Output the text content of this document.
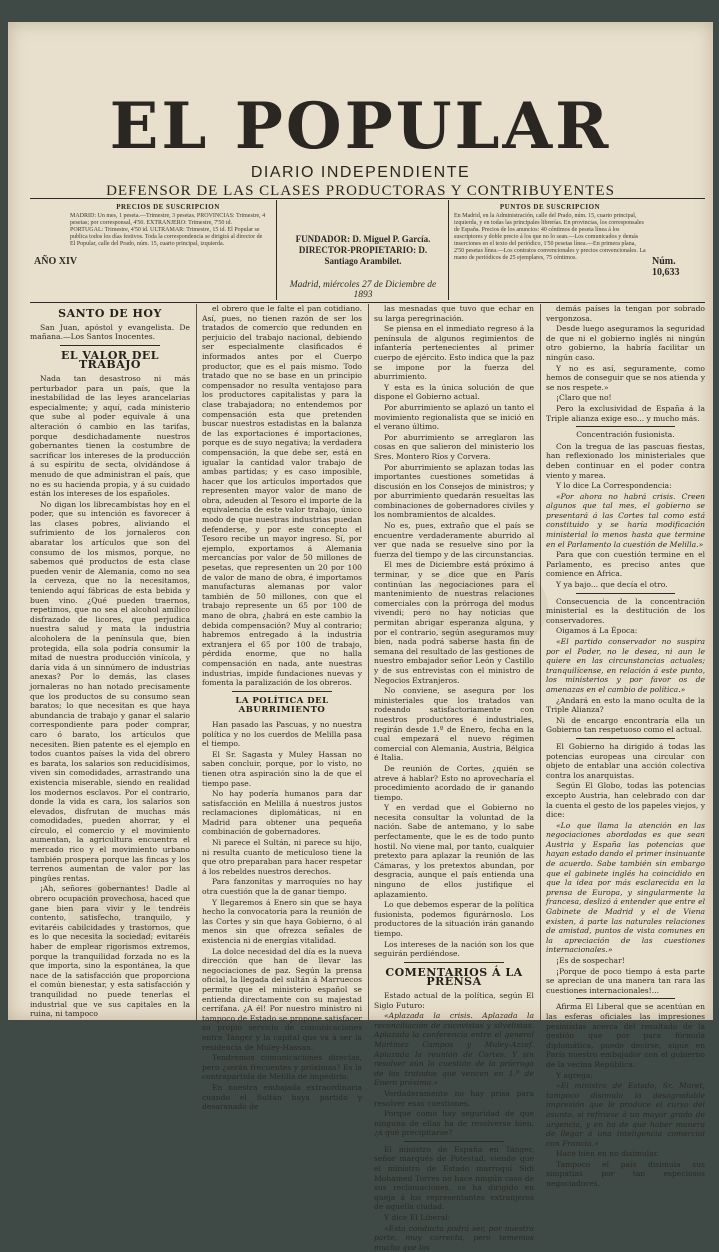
EL POPULAR
DIARIO INDEPENDIENTE
DEFENSOR DE LAS CLASES PRODUCTORAS Y CONTRIBUYENTES
PRECIOS DE SUSCRIPCION
MADRID: Un mes, 1 peseta.—Trimestre, 3 pesetas. PROVINCIAS: Trimestre, 4 pesetas; por corresponsal, 4'50. EXTRANJERO: Trimestre, 7'50 id. PORTUGAL: Trimestre, 4'50 id. ULTRAMAR: Trimestre, 15 id. El Popular se publica todos los días festivos. Toda la correspondencia se dirigirá al director de El Popular, calle del Prado, núm. 15, cuarto principal, izquierda.
AÑO XIV
FUNDADOR: D. Miguel P. García.
DIRECTOR-PROPIETARIO: D. Santiago Arambilet.
Madrid, miércoles 27 de Diciembre de 1893
PUNTOS DE SUSCRIPCION
En Madrid, en la Administración, calle del Prado, núm. 15, cuarto principal, izquierda, y en todas las principales librerías. En provincias, los corresponsales de España. Precios de los anuncios: 40 céntimos de peseta línea á los suscriptores y doble precio á los que no lo sean.—Los comunicados y demás inserciones en el texto del periódico, 1'50 pesetas línea.—En primera plana, 2'50 pesetas línea.—Los contratos convencionales y precios convencionales. La mano de periódicos de 25 ejemplares, 75 céntimos.	Núm. 10,633
SANTO DE HOY

San Juan, apóstol y evangelista. De mañana.—Los Santos Inocentes.

EL VALOR DEL TRABAJO

Nada tan desastroso ni más perturbador para un país, que la inestabilidad de las leyes arancelarias especialmente; y aquí, cada ministerio que sube al poder equivale á una alteración ó cambio en las tarifas, porque desdichadamente nuestros gobernantes tienen la costumbre de sacrificar los intereses de la producción á su espíritu de secta, olvidándose á menudo de que administran el país, que no es su hacienda propia, y á su cuidado están los intereses de los españoles.

No digan los librecambistas hoy en el poder, que su intención es favorecer á las clases pobres, aliviando el sufrimiento de los jornaleros con abaratar los artículos que son del consumo de los mismos, porque, no sabemos qué productos de esta clase pueden venir de Alemania, como no sea la cerveza, que no la necesitamos, teniendo aquí fábricas de esta bebida y buen vino. ¿Qué pueden traernos, repetimos, que no sea el alcohol amílico disfrazado de licores, que perjudica nuestra salud y mata la industria alcoholera de la península que, bien protegida, ella sola podría consumir la mitad de nuestra producción vinícola, y daría vida á un sinnúmero de industrias anexas? Por lo demás, las clases jornaleras no han notado precisamente que los productos de su consumo sean baratos; lo que necesitan es que haya abundancia de trabajo y ganar el salario correspondiente para poder comprar, caro ó barato, los artículos que necesiten. Bien patente es el ejemplo en todos cuantos países la vida del obrero es barata, los salarios son reducidísimos, viven sin comodidades, arrastrando una existencia miserable, siendo en realidad los modernos esclavos. Por el contrario, donde la vida es cara, los salarios son elevados, disfrutan de muchas más comodidades, pueden ahorrar, y el círculo, el comercio y el movimiento aumentan, la agricultura encuentra el mercado rico y el movimiento urbano también prospera porque las fincas y los terrenos aumentan de valor por las pingües rentas.

¡Ah, señores gobernantes! Dadle al obrero ocupación provechosa, haced que gane bien para vivir y le tendréis contento, satisfecho, tranquilo, y evitaréis cabilcidades y trastornos, que es lo que necesita la sociedad; evitaréis haber de emplear rigorismos extremos, porque la tranquilidad forzada no es la que importa, sino la espontánea, la que nace de la satisfacción que proporciona el común bienestar, y esta satisfacción y tranquilidad no puede tenerlas el industrial que ve sus capitales en la ruina, ni tampoco

el obrero que le falte el pan cotidiano. Así, pues, no tienen razón de ser los tratados de comercio que redunden en perjuicio del trabajo nacional, debiendo ser especialmente clasificados é informados antes por el Cuerpo productor, que es el país mismo. Todo tratado que no se base en un principio compensador no resulta ventajoso para los productores capitalistas y para la clase trabajadora; no entendemos por compensación esta que pretenden buscar nuestros estadistas en la balanza de las exportaciones é importaciones, porque es de suyo negativa; la verdadera compensación, la que debe ser, está en igualar la cantidad valor trabajo de ambas partidas; y es caso imposible, hacer que los artículos importados que representen mayor valor de mano de obra, adeuden al Tesoro el importe de la equivalencia de este valor trabajo, único modo de que nuestras industrias puedan defenderse, y por este concepto el Tesoro recibe un mayor ingreso. Sí, por ejemplo, exportamos á Alemania mercancías por valor de 50 millones de pesetas, que representen un 20 por 100 de valor de mano de obra, é importamos manufacturas alemanas por valor también de 50 millones, con que el trabajo represente un 65 por 100 de mano de obra, ¿habrá en este cambio la debida compensación? Muy al contrario; habremos entregado á la industria extranjera el 65 por 100 de trabajo, pérdida enorme, que no halla compensación en nada, ante nuestras industrias, impide fundaciones nuevas y fomenta la paralización de los obreros.

LA POLÍTICA DEL ABURRIMIENTO

Han pasado las Pascuas, y no nuestra política y no los cuerdos de Melilla pasa el tiempo.

El Sr. Sagasta y Muley Hassan no saben concluir, porque, por lo visto, no tienen otra aspiración sino la de que el tiempo pase.

No hay podería humanos para dar satisfacción en Melilla á nuestros justos reclamaciones diplomáticas, ni en Madrid para obtener una pequeña combinación de gobernadores.

Ni parece el Sultán, ni parece su hijo, ni resulta cuanto de meticuloso tiene la que otro preparaban para hacer respetar á los rebeldes nuestros derechos.

Para fanzonitas y marroquíes no hay otra cuestión que la de ganar tiempo.

Y llegaremos á Enero sin que se haya hecho la convocatoria para la reunión de las Cortes y sin que haya Gobierno, ó al menos sin que ofrezca señales de existencia ni de energías vitalidad.

La dolce necesidad del día es la nueva dirección que han de llevar las negociaciones de paz. Según la prensa oficial, la llegada del sultán á Marruecos permite que el ministerio español se entienda directamente con su majestad cerrífana. ¿A él! Por nuestro ministro ni tampoco de Estado se propone satisfacer su propio servicio de comunicaciones entre Tánger y la capital que va á ser la residencia de Muley-Hassan.

Tendremos comunicaciones directas, pero ¿serán frecuentes y próximas? Es la contrapartida de Melilla de impedirlo.

En nuestra embajada extraordinaria cuando el Sultán haya partido y desaranado de

las mesnadas que tuvo que echar en su larga peregrinación.

Se piensa en el inmediato regreso á la península de algunos regimientos de infantería pertenecientes al primer cuerpo de ejército. Esto indica que la paz se impone por la fuerza del aburrimiento.

Y esta es la única solución de que dispone el Gobierno actual.

Por aburrimiento se aplazó un tanto el movimiento regionalista que se inició en el verano último.

Por aburrimiento se arreglaron las cosas en que salieron del ministerio los Sres. Montero Ríos y Corvera.

Por aburrimiento se aplazan todas las importantes cuestiones sometidas á discusión en los Consejos de ministros; y por aburrimiento quedarán resueltas las combinaciones de gobernadores civiles y los nombramientos de alcaldes.

No es, pues, extraño que el país se encuentre verdaderamente aburrido al ver que nada se resuelve sino por la fuerza del tiempo y de las circunstancias.

El mes de Diciembre está próximo á terminar, y se dice que en París continúan las negociaciones para el mantenimiento de nuestras relaciones comerciales con la prórroga del modus vivendi; pero no hay noticias que permitan abrigar esperanza alguna, y por el contrario, según aseguramos muy bien, nada podrá saberse hasta fin de semana del resultado de las gestiones de nuestro embajador señor León y Castillo y de sus entrevistas con el ministro de Negocios Extranjeros.

No conviene, se asegura por los ministeriales que los tratados van rodeando satisfactoriamente con nuestros productores é industriales, regirán desde 1.º de Enero, fecha en la cual empezará el nuevo régimen comercial con Alemania, Austria, Bélgica é Italia.

De reunión de Cortes, ¿quién se atreve á hablar? Esto no aprovecharía el procedimiento acordado de ir ganando tiempo.

Y en verdad que el Gobierno no necesita consultar la voluntad de la nación. Sabe de antemano, y lo sabe perfectamente, que le es de todo punto hostil. No viene mal, por tanto, cualquier pretexto para aplazar la reunión de las Cámaras, y los pretextos abundan, por desgracia, aunque el país entienda una ninguno de ellos justifique el aplazamiento.

Lo que debemos esperar de la política fusionista, podemos figurárnoslo. Los productores de la situación irán ganando tiempo.

Los intereses de la nación son los que seguirán perdiéndose.

COMENTARIOS Á LA PRENSA

Estado actual de la política, según El Siglo Futuro:

«Aplazada la crisis. Aplazada la reconciliación de cucovistas y silvelistas. Aplazada la conferencia entre el general Martínez Campos y Muley-Azzaf. Aplazada la reunión de Cortes. Y sin resolver aún la cuestión de la prórroga de los tratados que vencen en 1.º de Enero próximo.»

Verdaderamente no hay prisa para resolver esas cuestiones.

Porque como hay seguridad de que ninguna de ellas ha de resolverse bien, ¿á qué precipitarse?

El ministro de España en Tánger, señor marqués de Potestad, viendo que el ministro de Estado marroquí Sidi Mohamed Torres no hace ningún caso de sus reclamaciones, se ha dirigido en queja á los representantes extranjeros de aquella ciudad.

Y dice El Liberal:

«Esta conducta podrá ser, por nuestra parte, muy correcta, pero tememos mucho que los

demás países la tengan por sobrado vergonzosa.

Desde luego aseguramos la seguridad de que ni el gobierno inglés ni ningún otro gobierno, la habría facilitar un ningún caso.

Y no es así, seguramente, como hemos de conseguir que se nos atienda y se nos respete.»

¡Claro que no!

Pero la exclusividad de España á la Triple alianza exige eso... y mucho más.

Concentración fusionista.

Con la tregua de las pascuas fiestas, han reflexionado los ministeriales que deben continuar en el poder contra viento y marea.

Y lo dice La Correspondencia:

«Por ahora no habrá crisis. Creen algunos que tal mes, el gobierno se presentará á las Cortes tal como está constituido y se haría modificación ministerial lo menos hasta que termine en el Parlamento la cuestión de Melilla.»

Para que con cuestión termine en el Parlamento, es preciso antes que comience en Africa.

Y ya bajo... que decía el otro.

Consecuencia de la concentración ministerial es la destitución de los conservadores.

Oigamos á La Época:

«El partido conservador no suspira por el Poder, no le desea, ni aun le quiere en las circunstancias actuales; tranquilícense, en relación á este punto, los ministerios y por favor os de amenazas en el cambio de política.»

¿Andará en esto la mano oculta de la Triple Alianza?

Ni de encargo encontraría ella un Gobierno tan respetuoso como el actual.

El Gobierno ha dirigido á todas las potencias europeas una circular con objeto de entablar una acción colectiva contra los anarquistas.

Según El Globo, todas las potencias excepto Austria, han celebrado con dar la cuenta el gesto de los papeles viejos, y dice:

«Lo que llama la atención en las negociaciones abordadas es que sean Austria y España las potencias que hayan estado dando el primer insinuante de acuerdo. Sabe también sin embargo que el gabinete inglés ha coincidido en que la idea por más esclarecida en la prensa de Europa, y singularmente la francesa, deslizó á entender que entre el Gabinete de Madrid y el de Viena existen, á parte las naturales relaciones de amistad, puntos de vista comunes en la apreciación de las cuestiones internacionales.»

¡Es de sospechar!

¡Porque de poco tiempo á esta parte se aprecian de una manera tan rara las cuestiones internacionales!...

Afirma El Liberal que se acentúan en las esferas oficiales las impresiones pesimistas acerca del resultado de la gestión que por para fórmula diplomática, puede decirse, sigue en París nuestro embajador con el gobierno de la vecina República.

Y agrega:

«El ministro de Estado, Sr. Moret, tampoco disimula la desagradable impresión que le produce el curso del asunto, si refiriese á un mayor grado de urgencia, y en ha de que haber manera de llegar á una inteligencia comercial con Francia.»

Hace bien en no disimular.

Tampoco el país disimula sus simpatías por tan especiosos negociadores.
